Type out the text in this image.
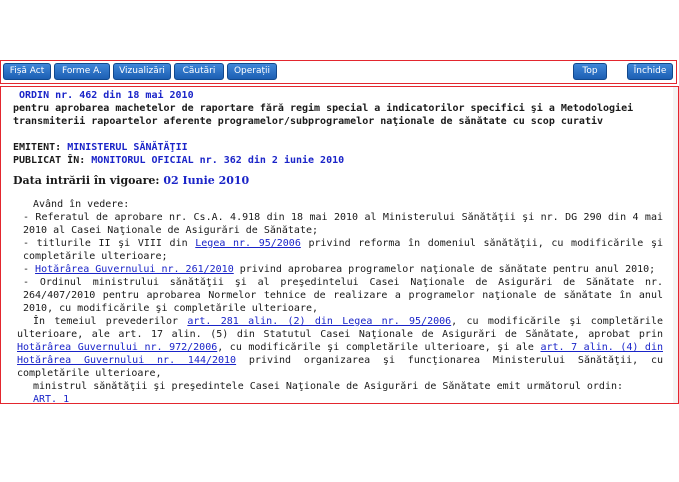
Fișă Act	Forme A.	Vizualizări	Căutări	Operații	Top	Închide

ORDIN nr. 462 din 18 mai 2010

pentru aprobarea machetelor de raportare fără regim special a indicatorilor specifici şi a Metodologiei transmiterii rapoartelor aferente programelor/subprogramelor naţionale de sănătate cu scop curativ

EMITENT: MINISTERUL SĂNĂTĂŢII

PUBLICAT ÎN: MONITORUL OFICIAL nr. 362 din 2 iunie 2010

Data intrării în vigoare: 02 Iunie 2010

Având în vedere:

- Referatul de aprobare nr. Cs.A. 4.918 din 18 mai 2010 al Ministerului Sănătăţii şi nr. DG 290 din 4 mai 2010 al Casei Naţionale de Asigurări de Sănătate;

- titlurile II şi VIII din Legea nr. 95/2006 privind reforma în domeniul sănătăţii, cu modificările şi completările ulterioare;

- Hotărârea Guvernului nr. 261/2010 privind aprobarea programelor naţionale de sănătate pentru anul 2010;

- Ordinul ministrului sănătăţii şi al preşedintelui Casei Naţionale de Asigurări de Sănătate nr. 264/407/2010 pentru aprobarea Normelor tehnice de realizare a programelor naţionale de sănătate în anul 2010, cu modificările şi completările ulterioare,

În temeiul prevederilor art. 281 alin. (2) din Legea nr. 95/2006, cu modificările şi completările ulterioare, ale art. 17 alin. (5) din Statutul Casei Naţionale de Asigurări de Sănătate, aprobat prin Hotărârea Guvernului nr. 972/2006, cu modificările şi completările ulterioare, şi ale art. 7 alin. (4) din Hotărârea Guvernului nr. 144/2010 privind organizarea şi funcţionarea Ministerului Sănătăţii, cu completările ulterioare,

ministrul sănătăţii şi preşedintele Casei Naţionale de Asigurări de Sănătate emit următorul ordin:

ART. 1
